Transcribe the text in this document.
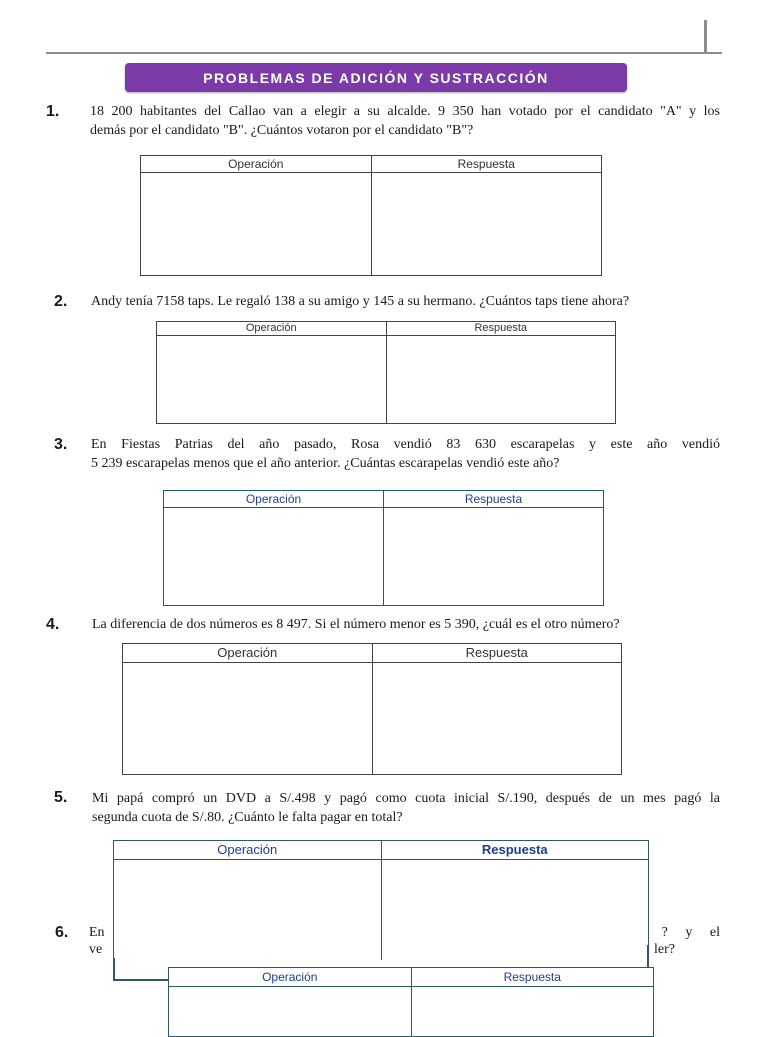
PROBLEMAS DE ADICIÓN Y SUSTRACCIÓN
1. 18 200 habitantes del Callao van a elegir a su alcalde. 9 350 han votado por el candidato "A" y los
demás por el candidato "B". ¿Cuántos votaron por el candidato "B"?
Operación	Respuesta

2. Andy tenía 7158 taps. Le regaló 138 a su amigo y 145 a su hermano. ¿Cuántos taps tiene ahora?
Operación	Respuesta

3. En Fiestas Patrias del año pasado, Rosa vendió 83 630 escarapelas y este año vendió
5 239 escarapelas menos que el año anterior. ¿Cuántas escarapelas vendió este año?
Operación	Respuesta

4. La diferencia de dos números es 8 497. Si el número menor es 5 390, ¿cuál es el otro número?
Operación	Respuesta

5. Mi papá compró un DVD a S/.498 y pagó como cuota inicial S/.190, después de un mes pagó la
segunda cuota de S/.80. ¿Cuánto le falta pagar en total?
6. En
ve
? y el
ler?
Operación	Respuesta

Operación	Respuesta
